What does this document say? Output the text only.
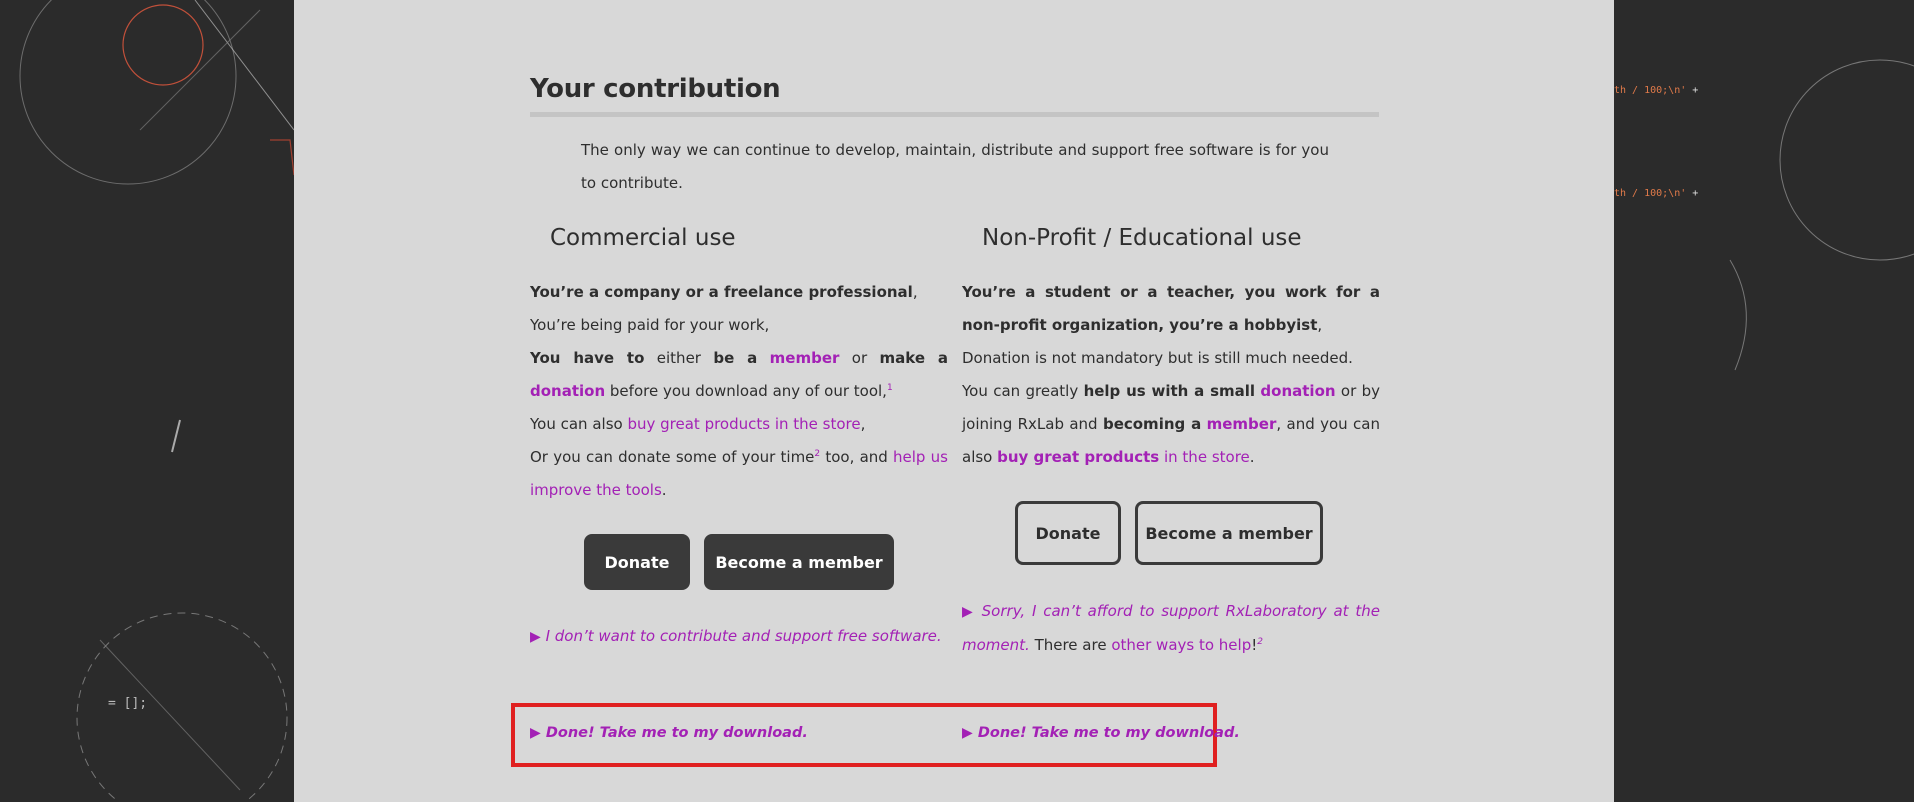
th / 100;\n' +
th / 100;\n' +
= [];
Your contribution
The only way we can continue to develop, maintain, distribute and support free software is for you to contribute.
Commercial use

You’re a company or a freelance professional,
You’re being paid for your work,
You have to either be a member or make a donation before you download any of our tool,$^1$
You can also buy great products in the store,
Or you can donate some of your time$^2$ too, and help us improve the tools.

Non-Profit / Educational use

You’re a student or a teacher, you work for a non-profit organization, you’re a hobbyist,
Donation is not mandatory but is still much needed.
You can greatly help us with a small donation or by joining RxLab and becoming a member, and you can also buy great products in the store.

Donate	Become a member
Donate	Become a member
▶ I don’t want to contribute and support free software.
▶ Sorry, I can’t afford to support RxLaboratory at the moment. There are other ways to help!$^2$
▶ Done! Take me to my download.	▶ Done! Take me to my download.
